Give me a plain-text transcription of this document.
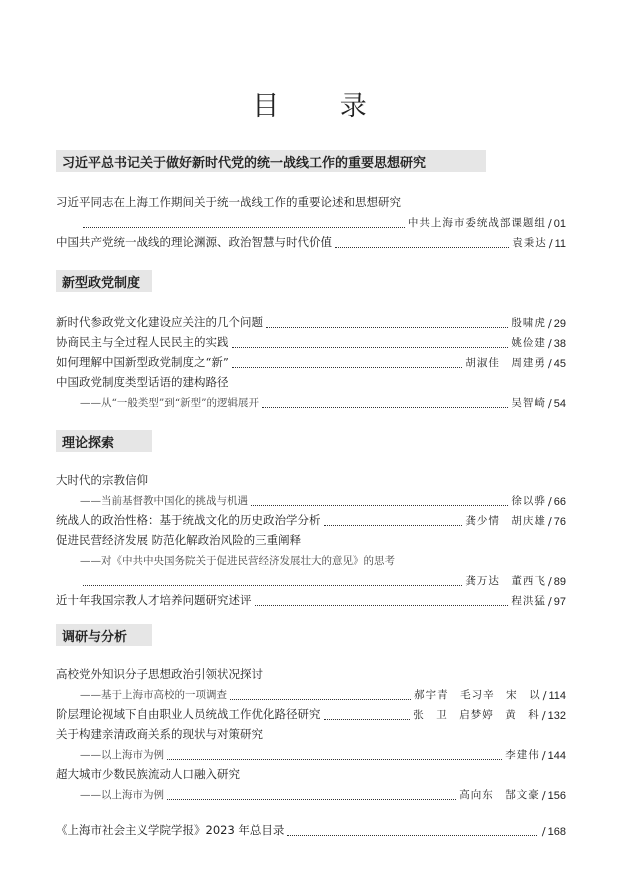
目 录
习近平总书记关于做好新时代党的统一战线工作的重要思想研究
习近平同志在上海工作期间关于统一战线工作的重要论述和思想研究
中共上海市委统战部课题组 / 01
中国共产党统一战线的理论渊源、政治智慧与时代价值	袁秉达 / 11
新型政党制度
新时代参政党文化建设应关注的几个问题	殷啸虎 / 29
协商民主与全过程人民民主的实践	姚俭建 / 38
如何理解中国新型政党制度之“新”	胡淑佳　周建勇 / 45
中国政党制度类型话语的建构路径
——从“一般类型”到“新型”的逻辑展开	吴智崎 / 54
理论探索
大时代的宗教信仰
——当前基督教中国化的挑战与机遇	徐以骅 / 66
统战人的政治性格：基于统战文化的历史政治学分析	龚少情　胡庆雄 / 76
促进民营经济发展 防范化解政治风险的三重阐释
——对《中共中央国务院关于促进民营经济发展壮大的意见》的思考
龚万达　董西飞 / 89
近十年我国宗教人才培养问题研究述评	程洪猛 / 97
调研与分析
高校党外知识分子思想政治引领状况探讨
——基于上海市高校的一项调查	郝宇青　毛习辛　宋　以 / 114
阶层理论视域下自由职业人员统战工作优化路径研究	张　卫　启梦婷　黄　科 / 132
关于构建亲清政商关系的现状与对策研究
——以上海市为例	李建伟 / 144
超大城市少数民族流动人口融入研究
——以上海市为例	高向东　郜文豪 / 156
《上海市社会主义学院学报》2023 年总目录	/ 168
